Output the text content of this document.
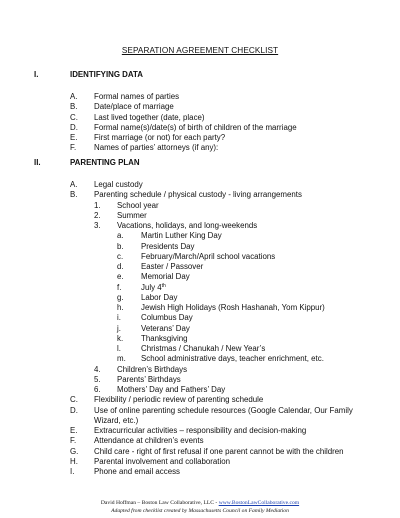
SEPARATION AGREEMENT CHECKLIST
I.	IDENTIFYING DATA
A. Formal names of parties
B. Date/place of marriage
C. Last lived together (date, place)
D. Formal name(s)/date(s) of birth of children of the marriage
E. First marriage (or not) for each party?
F. Names of parties’ attorneys (if any):
II.	PARENTING PLAN
A. Legal custody
B. Parenting schedule / physical custody - living arrangements
1. School year
2. Summer
3. Vacations, holidays, and long-weekends
a. Martin Luther King Day
b. Presidents Day
c. February/March/April school vacations
d. Easter / Passover
e. Memorial Day
f. July 4th
g. Labor Day
h. Jewish High Holidays (Rosh Hashanah, Yom Kippur)
i.	Columbus Day
j.	Veterans’ Day
k. Thanksgiving
l.	Christmas / Chanukah / New Year’s
m. School administrative days, teacher enrichment, etc.
4. Children’s Birthdays
5. Parents’ Birthdays
6. Mothers’ Day and Fathers’ Day
C. Flexibility / periodic review of parenting schedule
D. Use of online parenting schedule resources (Google Calendar, Our Family
Wizard, etc.)
E. Extracurricular activities – responsibility and decision-making
F. Attendance at children’s events
G. Child care - right of first refusal if one parent cannot be with the children
H. Parental involvement and collaboration
I. Phone and email access
David Hoffman – Boston Law Collaborative, LLC - www.BostonLawCollaborative.com
Adapted from checklist created by Massachusetts Council on Family Mediation
